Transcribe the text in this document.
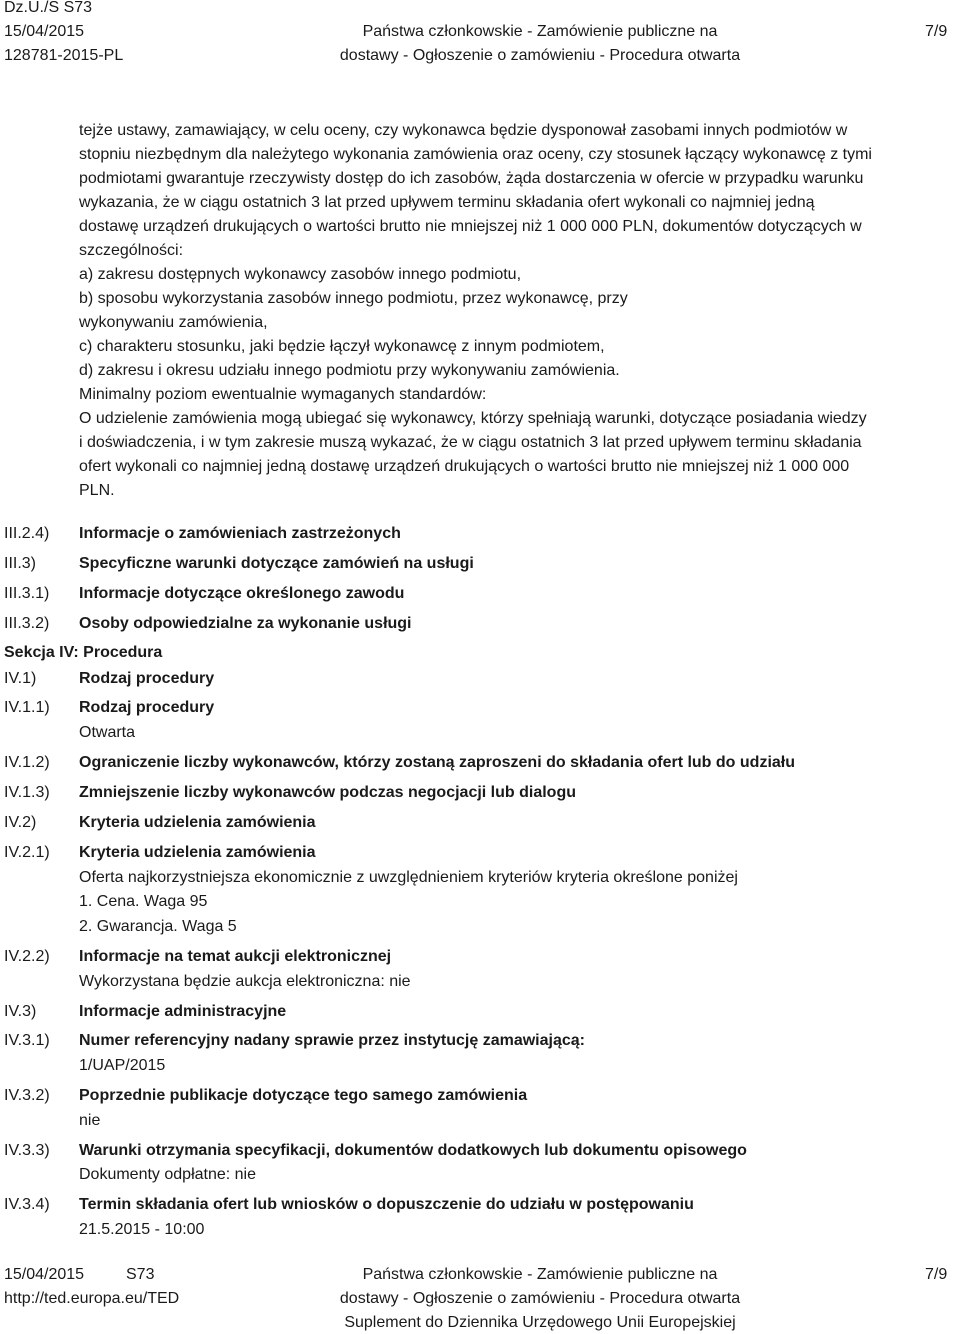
Dz.U./S S73
15/04/2015
128781-2015-PL
Państwa członkowskie - Zamówienie publiczne na
dostawy - Ogłoszenie o zamówieniu - Procedura otwarta
7/9
tejże ustawy, zamawiający, w celu oceny, czy wykonawca będzie dysponował zasobami innych podmiotów w
stopniu niezbędnym dla należytego wykonania zamówienia oraz oceny, czy stosunek łączący wykonawcę z tymi
podmiotami gwarantuje rzeczywisty dostęp do ich zasobów, żąda dostarczenia w ofercie w przypadku warunku
wykazania, że w ciągu ostatnich 3 lat przed upływem terminu składania ofert wykonali co najmniej jedną
dostawę urządzeń drukujących o wartości brutto nie mniejszej niż 1 000 000 PLN, dokumentów dotyczących w
szczególności:
a) zakresu dostępnych wykonawcy zasobów innego podmiotu,
b) sposobu wykorzystania zasobów innego podmiotu, przez wykonawcę, przy
wykonywaniu zamówienia,
c) charakteru stosunku, jaki będzie łączył wykonawcę z innym podmiotem,
d) zakresu i okresu udziału innego podmiotu przy wykonywaniu zamówienia.
Minimalny poziom ewentualnie wymaganych standardów:
O udzielenie zamówienia mogą ubiegać się wykonawcy, którzy spełniają warunki, dotyczące posiadania wiedzy
i doświadczenia, i w tym zakresie muszą wykazać, że w ciągu ostatnich 3 lat przed upływem terminu składania
ofert wykonali co najmniej jedną dostawę urządzeń drukujących o wartości brutto nie mniejszej niż 1 000 000
PLN.
III.2.4) Informacje o zamówieniach zastrzeżonych
III.3)	Specyficzne warunki dotyczące zamówień na usługi
III.3.1) Informacje dotyczące określonego zawodu
III.3.2) Osoby odpowiedzialne za wykonanie usługi
Sekcja IV: Procedura
IV.1)	Rodzaj procedury
IV.1.1) Rodzaj procedury
Otwarta
IV.1.2) Ograniczenie liczby wykonawców, którzy zostaną zaproszeni do składania ofert lub do udziału
IV.1.3) Zmniejszenie liczby wykonawców podczas negocjacji lub dialogu
IV.2)	Kryteria udzielenia zamówienia
IV.2.1) Kryteria udzielenia zamówienia
Oferta najkorzystniejsza ekonomicznie z uwzględnieniem kryteriów kryteria określone poniżej
1. Cena. Waga 95
2. Gwarancja. Waga 5
IV.2.2) Informacje na temat aukcji elektronicznej
Wykorzystana będzie aukcja elektroniczna: nie
IV.3)	Informacje administracyjne
IV.3.1) Numer referencyjny nadany sprawie przez instytucję zamawiającą:
1/UAP/2015
IV.3.2) Poprzednie publikacje dotyczące tego samego zamówienia
nie
IV.3.3) Warunki otrzymania specyfikacji, dokumentów dodatkowych lub dokumentu opisowego
Dokumenty odpłatne: nie
IV.3.4) Termin składania ofert lub wniosków o dopuszczenie do udziału w postępowaniu
21.5.2015 - 10:00
15/04/2015	S73
http://ted.europa.eu/TED
Państwa członkowskie - Zamówienie publiczne na
dostawy - Ogłoszenie o zamówieniu - Procedura otwarta
Suplement do Dziennika Urzędowego Unii Europejskiej
7/9
